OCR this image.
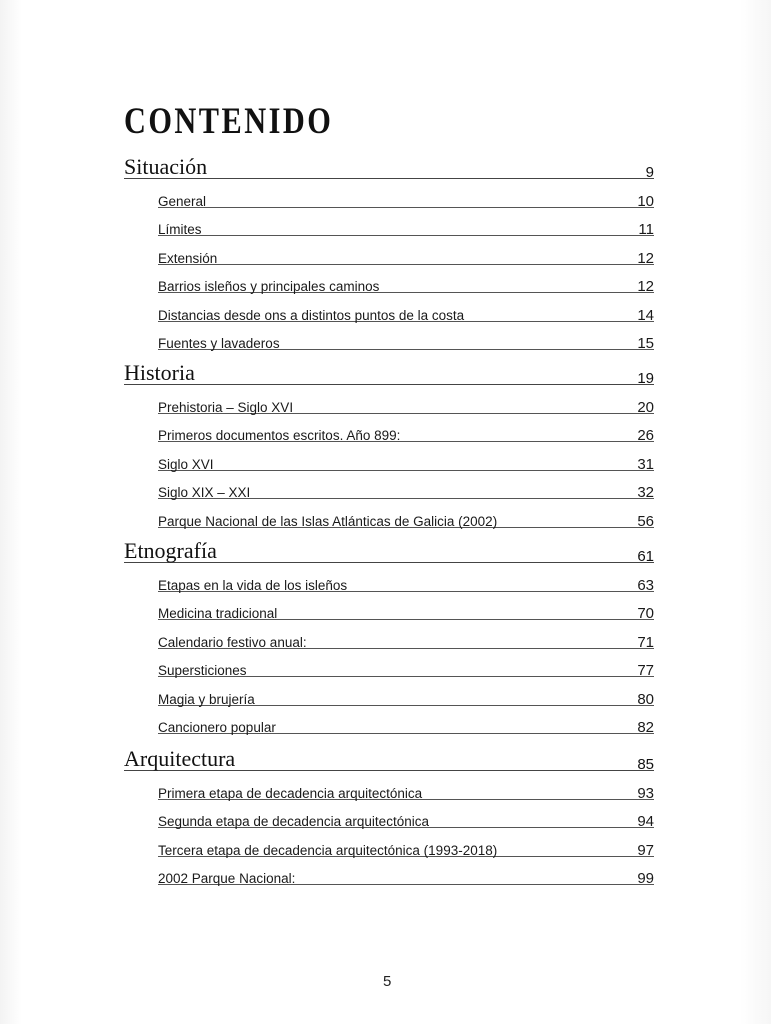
CONTENIDO
Situación	9
General	10
Límites	11
Extensión	12
Barrios isleños y principales caminos	12
Distancias desde ons a distintos puntos de la costa	14
Fuentes y lavaderos	15
Historia	19
Prehistoria – Siglo XVI	20
Primeros documentos escritos. Año 899:	26
Siglo XVI	31
Siglo XIX – XXI	32
Parque Nacional de las Islas Atlánticas de Galicia (2002)	56
Etnografía	61
Etapas en la vida de los isleños	63
Medicina tradicional	70
Calendario festivo anual:	71
Supersticiones	77
Magia y brujería	80
Cancionero popular	82
Arquitectura	85
Primera etapa de decadencia arquitectónica	93
Segunda etapa de decadencia arquitectónica	94
Tercera etapa de decadencia arquitectónica (1993-2018)	97
2002 Parque Nacional:	99
5
